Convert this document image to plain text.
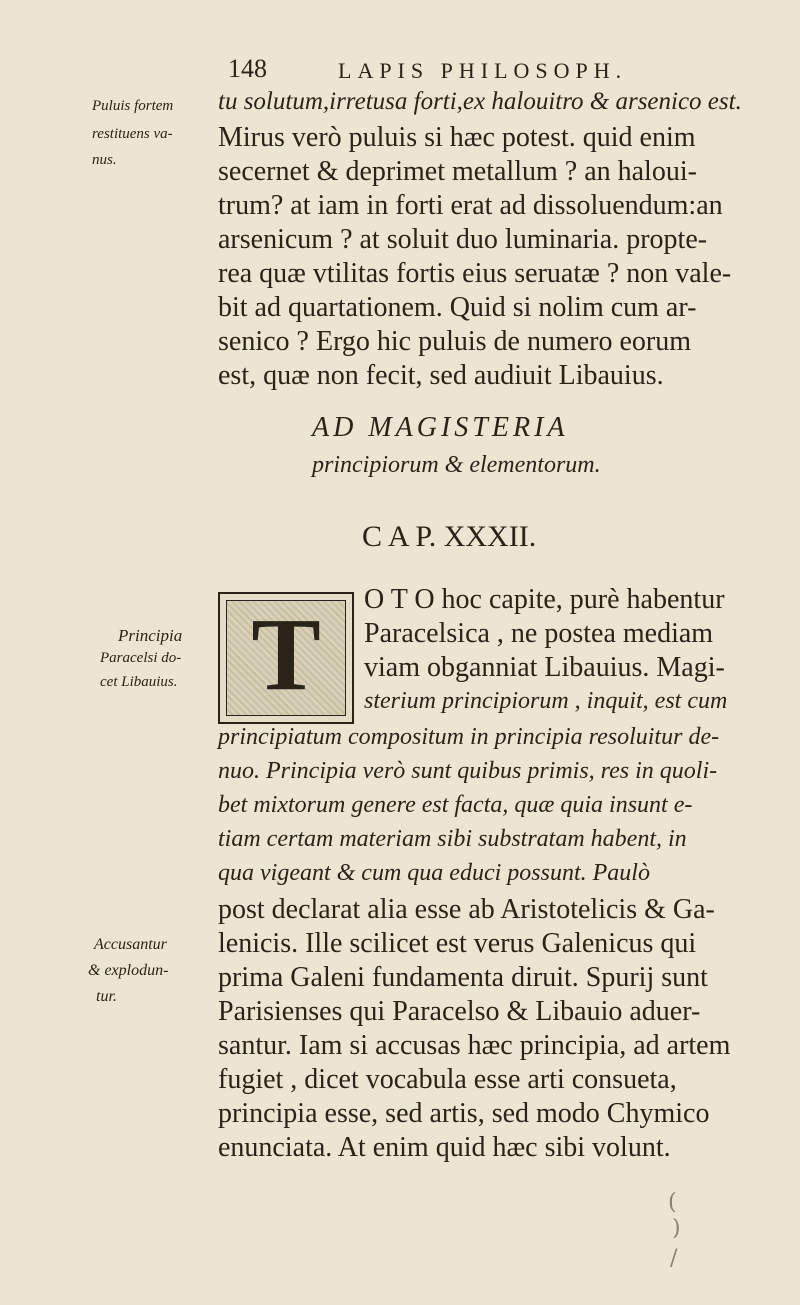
148	LAPIS PHILOSOPH.
Puluis fortem
restituens va-
nus.
tu solutum,irretusa forti,ex halouitro & arsenico est.
Mirus verò puluis si hæc potest. quid enim
secernet & deprimet metallum ? an haloui-
trum? at iam in forti erat ad dissoluendum:an
arsenicum ? at soluit duo luminaria. propte-
rea quæ vtilitas fortis eius seruatæ ? non vale-
bit ad quartationem. Quid si nolim cum ar-
senico ? Ergo hic puluis de numero eorum
est, quæ non fecit, sed audiuit Libauius.
AD MAGISTERIA
principiorum & elementorum.
C A P. XXXII.
T
Principia
Paracelsi do-
cet Libauius.
O T O hoc capite, purè habentur
Paracelsica , ne postea mediam
viam obganniat Libauius. Magi-
sterium principiorum , inquit, est cum
principiatum compositum in principia resoluitur de-
nuo. Principia verò sunt quibus primis, res in quoli-
bet mixtorum genere est facta, quæ quia insunt e-
tiam certam materiam sibi substratam habent, in
qua vigeant & cum qua educi possunt. Paulò
post declarat alia esse ab Aristotelicis & Ga-
lenicis. Ille scilicet est verus Galenicus qui
prima Galeni fundamenta diruit. Spurij sunt
Parisienses qui Paracelso & Libauio aduer-
santur. Iam si accusas hæc principia, ad artem
fugiet , dicet vocabula esse arti consueta,
principia esse, sed artis, sed modo Chymico
enunciata. At enim quid hæc sibi volunt.
Accusantur
& explodun-
tur.
(
)
/
